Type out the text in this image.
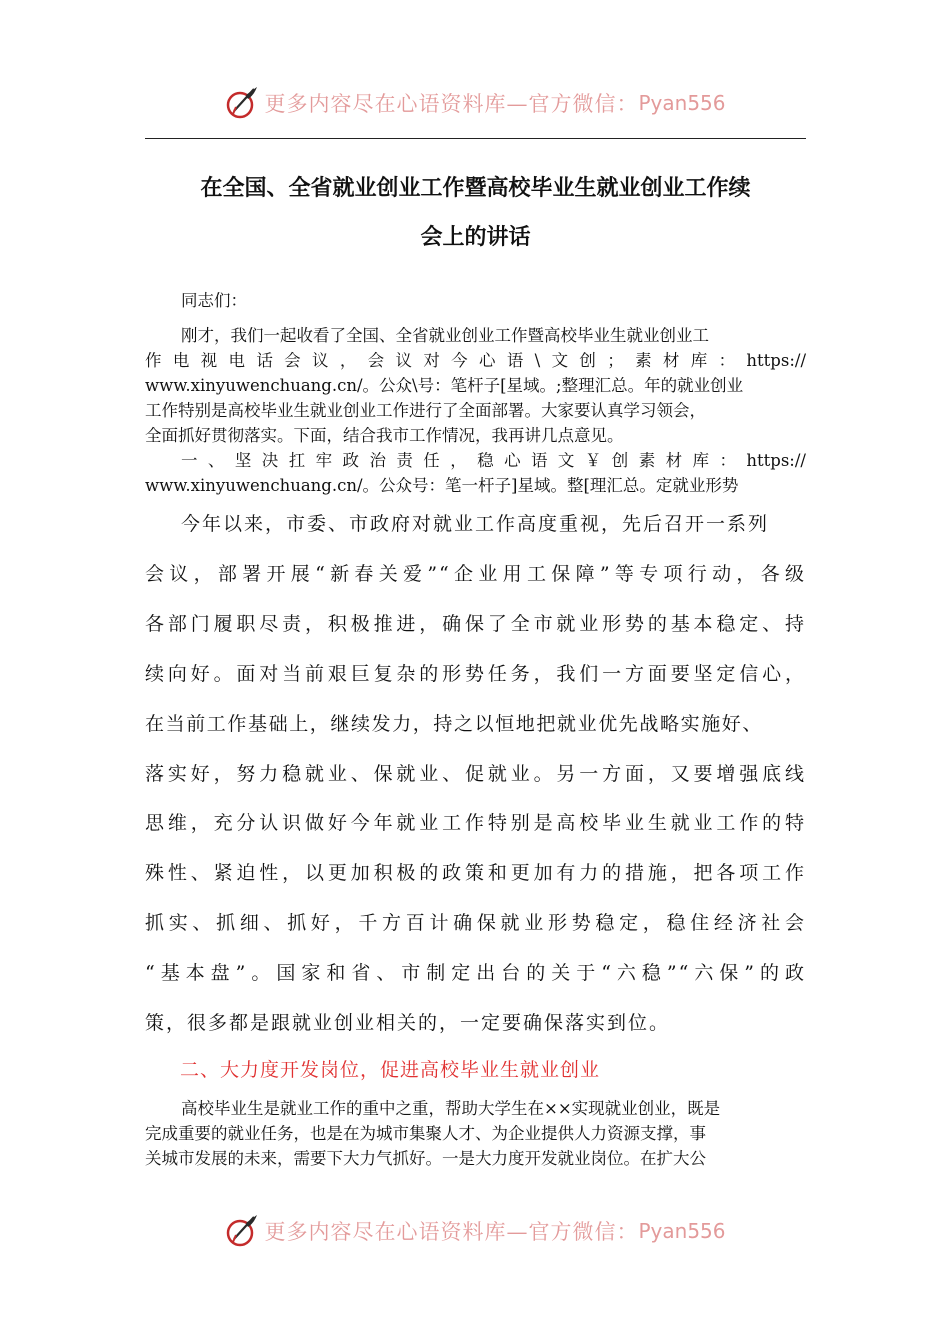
更多内容尽在心语资料库—官方微信： Pyan556
在全国、全省就业创业工作暨高校毕业生就业创业工作续
会上的讲话
同志们：
刚才，我们一起收看了全国、全省就业创业工作暨高校毕业生就业创业工
作电视电话会议，会议对今心语\文创；素材库：https://
www.xinyuwenchuang.cn/。公众\号：笔杆子[星域。;整理汇总。年的就业创业
工作特别是高校毕业生就业创业工作进行了全面部署。大家要认真学习领会，
全面抓好贯彻落实。下面，结合我市工作情况，我再讲几点意见。
一、坚决扛牢政治责任，稳心语文￥创素材库：https://
www.xinyuwenchuang.cn/。公众号：笔一杆子]星域。整[理汇总。定就业形势
今年以来，市委、市政府对就业工作高度重视，先后召开一系列
会议，部署开展“新春关爱”“企业用工保障”等专项行动，各级
各部门履职尽责，积极推进，确保了全市就业形势的基本稳定、持
续向好。面对当前艰巨复杂的形势任务，我们一方面要坚定信心，
在当前工作基础上，继续发力，持之以恒地把就业优先战略实施好、
落实好，努力稳就业、保就业、促就业。另一方面，又要增强底线
思维，充分认识做好今年就业工作特别是高校毕业生就业工作的特
殊性、紧迫性，以更加积极的政策和更加有力的措施，把各项工作
抓实、抓细、抓好，千方百计确保就业形势稳定，稳住经济社会
“基本盘”。国家和省、市制定出台的关于“六稳”“六保”的政
策，很多都是跟就业创业相关的，一定要确保落实到位。
二、大力度开发岗位，促进高校毕业生就业创业
高校毕业生是就业工作的重中之重，帮助大学生在××实现就业创业，既是
完成重要的就业任务，也是在为城市集聚人才、为企业提供人力资源支撑，事
关城市发展的未来，需要下大力气抓好。一是大力度开发就业岗位。在扩大公
更多内容尽在心语资料库—官方微信： Pyan556
